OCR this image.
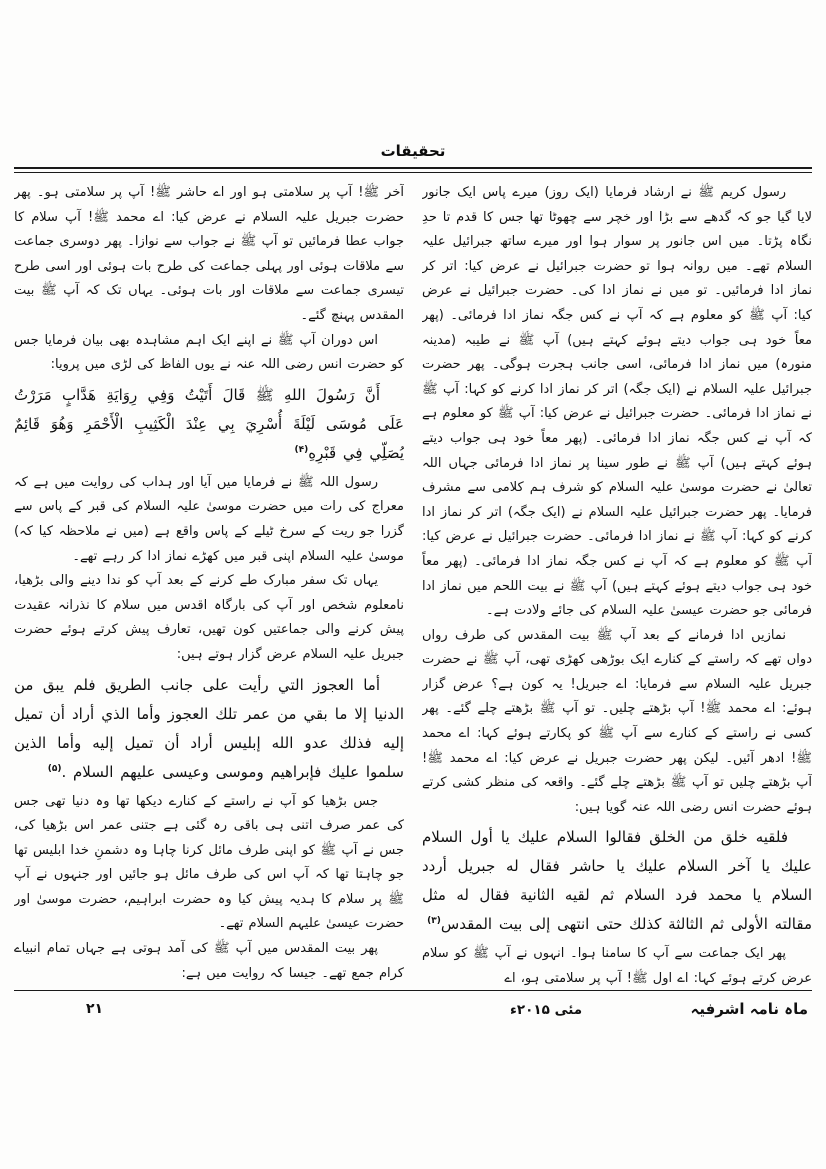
تحقیقات

رسول کریم ﷺ نے ارشاد فرمایا (ایک روز) میرے پاس ایک جانور لایا گیا جو کہ گدھے سے بڑا اور خچر سے چھوٹا تھا جس کا قدم تا حدِ نگاہ پڑتا۔ میں اس جانور پر سوار ہوا اور میرے ساتھ جبرائیل علیہ السلام تھے۔ میں روانہ ہوا تو حضرت جبرائیل نے عرض کیا: اتر کر نماز ادا فرمائیں۔ تو میں نے نماز ادا کی۔ حضرت جبرائیل نے عرض کیا: آپ ﷺ کو معلوم ہے کہ آپ نے کس جگہ نماز ادا فرمائی۔ (پھر معاً خود ہی جواب دیتے ہوئے کہتے ہیں) آپ ﷺ نے طیبہ (مدینہ منورہ) میں نماز ادا فرمائی، اسی جانب ہجرت ہوگی۔ پھر حضرت جبرائیل علیہ السلام نے (ایک جگہ) اتر کر نماز ادا کرنے کو کہا: آپ ﷺ نے نماز ادا فرمائی۔ حضرت جبرائیل نے عرض کیا: آپ ﷺ کو معلوم ہے کہ آپ نے کس جگہ نماز ادا فرمائی۔ (پھر معاً خود ہی جواب دیتے ہوئے کہتے ہیں) آپ ﷺ نے طور سینا پر نماز ادا فرمائی جہاں اللہ تعالیٰ نے حضرت موسیٰ علیہ السلام کو شرف ہم کلامی سے مشرف فرمایا۔ پھر حضرت جبرائیل علیہ السلام نے (ایک جگہ) اتر کر نماز ادا کرنے کو کہا: آپ ﷺ نے نماز ادا فرمائی۔ حضرت جبرائیل نے عرض کیا: آپ ﷺ کو معلوم ہے کہ آپ نے کس جگہ نماز ادا فرمائی۔ (پھر معاً خود ہی جواب دیتے ہوئے کہتے ہیں) آپ ﷺ نے بیت اللحم میں نماز ادا فرمائی جو حضرت عیسیٰ علیہ السلام کی جائے ولادت ہے۔

نمازیں ادا فرمانے کے بعد آپ ﷺ بیت المقدس کی طرف رواں دواں تھے کہ راستے کے کنارے ایک بوڑھی کھڑی تھی، آپ ﷺ نے حضرت جبریل علیہ السلام سے فرمایا: اے جبریل! یہ کون ہے؟ عرض گزار ہوئے: اے محمد ﷺ! آپ بڑھتے چلیں۔ تو آپ ﷺ بڑھتے چلے گئے۔ پھر کسی نے راستے کے کنارے سے آپ ﷺ کو پکارتے ہوئے کہا: اے محمد ﷺ! ادھر آئیں۔ لیکن پھر حضرت جبریل نے عرض کیا: اے محمد ﷺ! آپ بڑھتے چلیں تو آپ ﷺ بڑھتے چلے گئے۔ واقعہ کی منظر کشی کرتے ہوئے حضرت انس رضی اللہ عنہ گویا ہیں:

فلقيه خلق من الخلق فقالوا السلام عليك يا أول السلام عليك يا آخر السلام عليك يا حاشر فقال له جبريل أردد السلام يا محمد فرد السلام ثم لقيه الثانية فقال له مثل مقالته الأولى ثم الثالثة كذلك حتى انتهى إلى بيت المقدس$^{(۳)}$

پھر ایک جماعت سے آپ کا سامنا ہوا۔ انہوں نے آپ ﷺ کو سلام عرض کرتے ہوئے کہا: اے اول ﷺ! آپ پر سلامتی ہو، اے

آخر ﷺ! آپ پر سلامتی ہو اور اے حاشر ﷺ! آپ پر سلامتی ہو۔ پھر حضرت جبریل علیہ السلام نے عرض کیا: اے محمد ﷺ! آپ سلام کا جواب عطا فرمائیں تو آپ ﷺ نے جواب سے نوازا۔ پھر دوسری جماعت سے ملاقات ہوئی اور پہلی جماعت کی طرح بات ہوئی اور اسی طرح تیسری جماعت سے ملاقات اور بات ہوئی۔ یہاں تک کہ آپ ﷺ بیت المقدس پہنچ گئے۔

اس دوران آپ ﷺ نے اپنے ایک اہم مشاہدہ بھی بیان فرمایا جس کو حضرت انس رضی اللہ عنہ نے یوں الفاظ کی لڑی میں پرویا:

أَنَّ رَسُولَ اللهِ ﷺ قَالَ أَتَيْتُ وَفِي رِوَايَةِ هَدَّابٍ مَرَرْتُ عَلَى مُوسَى لَيْلَةَ أُسْرِيَ بِي عِنْدَ الْكَثِيبِ الْأَحْمَرِ وَهُوَ قَائِمٌ يُصَلِّي فِي قَبْرِهِ$^{(۴)}$

رسول اللہ ﷺ نے فرمایا میں آیا اور ہداب کی روایت میں ہے کہ معراج کی رات میں حضرت موسیٰ علیہ السلام کی قبر کے پاس سے گزرا جو ریت کے سرخ ٹیلے کے پاس واقع ہے (میں نے ملاحظہ کیا کہ) موسیٰ علیہ السلام اپنی قبر میں کھڑے نماز ادا کر رہے تھے۔

یہاں تک سفر مبارک طے کرنے کے بعد آپ کو ندا دینے والی بڑھیا، نامعلوم شخص اور آپ کی بارگاہ اقدس میں سلام کا نذرانہ عقیدت پیش کرنے والی جماعتیں کون تھیں، تعارف پیش کرتے ہوئے حضرت جبریل علیہ السلام عرض گزار ہوتے ہیں:

أما العجوز التي رأيت على جانب الطريق فلم يبق من الدنيا إلا ما بقي من عمر تلك العجوز وأما الذي أراد أن تميل إليه فذلك عدو الله إبليس أراد أن تميل إليه وأما الذين سلموا عليك فإبراهيم وموسى وعيسى عليهم السلام .$^{(۵)}$

جس بڑھیا کو آپ نے راستے کے کنارے دیکھا تھا وہ دنیا تھی جس کی عمر صرف اتنی ہی باقی رہ گئی ہے جتنی عمر اس بڑھیا کی، جس نے آپ ﷺ کو اپنی طرف مائل کرنا چاہا وہ دشمنِ خدا ابلیس تھا جو چاہتا تھا کہ آپ اس کی طرف مائل ہو جائیں اور جنہوں نے آپ ﷺ پر سلام کا ہدیہ پیش کیا وہ حضرت ابراہیم، حضرت موسیٰ اور حضرت عیسیٰ علیہم السلام تھے۔

پھر بیت المقدس میں آپ ﷺ کی آمد ہوتی ہے جہاں تمام انبیاے کرام جمع تھے۔ جیسا کہ روایت میں ہے:

ماہ نامہ اشرفیہ
مئی ۲۰۱۵ء
۲۱
